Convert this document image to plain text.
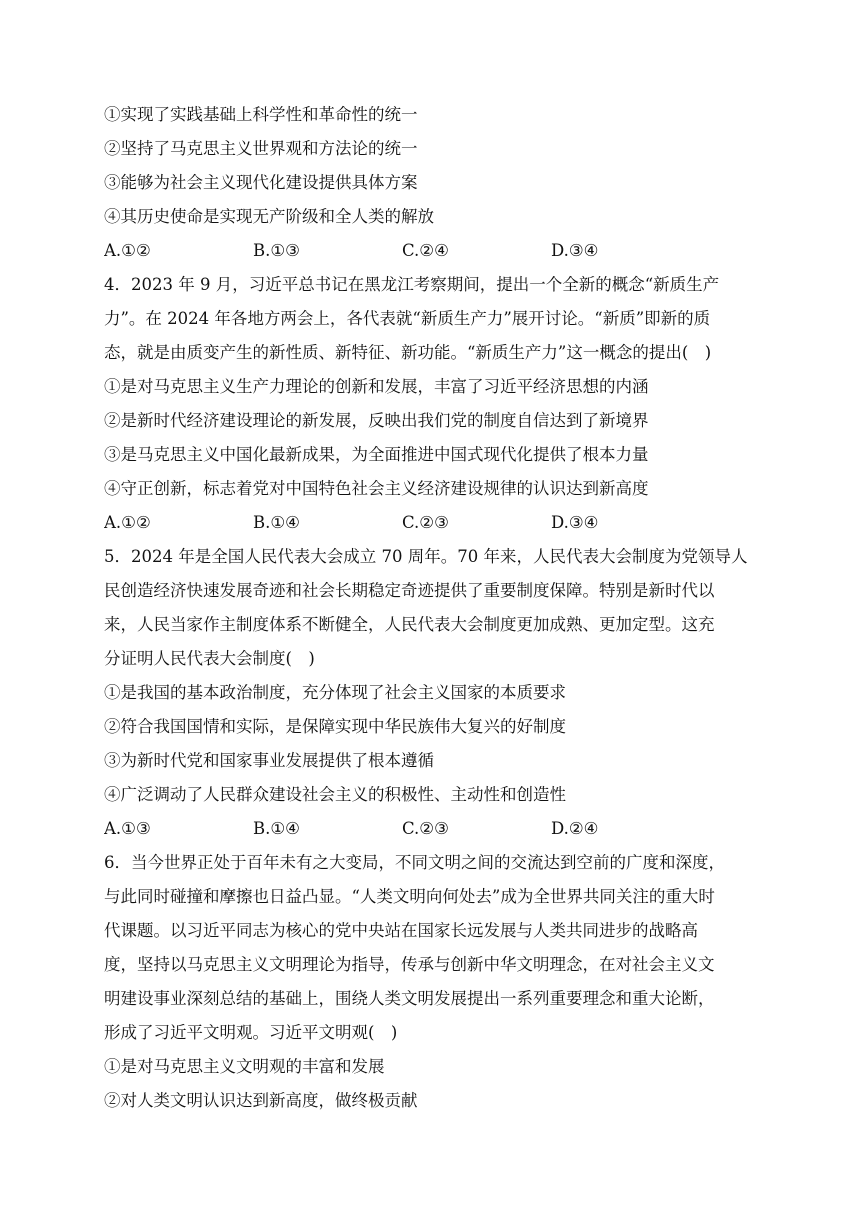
①实现了实践基础上科学性和革命性的统一
②坚持了马克思主义世界观和方法论的统一
③能够为社会主义现代化建设提供具体方案
④其历史使命是实现无产阶级和全人类的解放
A.①②	B.①③	C.②④	D.③④
4．2023 年 9 月，习近平总书记在黑龙江考察期间，提出一个全新的概念“新质生产
力”。在 2024 年各地方两会上，各代表就“新质生产力”展开讨论。“新质”即新的质
态，就是由质变产生的新性质、新特征、新功能。“新质生产力”这一概念的提出(　)
①是对马克思主义生产力理论的创新和发展，丰富了习近平经济思想的内涵
②是新时代经济建设理论的新发展，反映出我们党的制度自信达到了新境界
③是马克思主义中国化最新成果，为全面推进中国式现代化提供了根本力量
④守正创新，标志着党对中国特色社会主义经济建设规律的认识达到新高度
A.①②	B.①④	C.②③	D.③④
5．2024 年是全国人民代表大会成立 70 周年。70 年来，人民代表大会制度为党领导人
民创造经济快速发展奇迹和社会长期稳定奇迹提供了重要制度保障。特别是新时代以
来，人民当家作主制度体系不断健全，人民代表大会制度更加成熟、更加定型。这充
分证明人民代表大会制度(　)
①是我国的基本政治制度，充分体现了社会主义国家的本质要求
②符合我国国情和实际，是保障实现中华民族伟大复兴的好制度
③为新时代党和国家事业发展提供了根本遵循
④广泛调动了人民群众建设社会主义的积极性、主动性和创造性
A.①③	B.①④	C.②③	D.②④
6．当今世界正处于百年未有之大变局，不同文明之间的交流达到空前的广度和深度，
与此同时碰撞和摩擦也日益凸显。“人类文明向何处去”成为全世界共同关注的重大时
代课题。以习近平同志为核心的党中央站在国家长远发展与人类共同进步的战略高
度，坚持以马克思主义文明理论为指导，传承与创新中华文明理念，在对社会主义文
明建设事业深刻总结的基础上，围绕人类文明发展提出一系列重要理念和重大论断，
形成了习近平文明观。习近平文明观(　)
①是对马克思主义文明观的丰富和发展
②对人类文明认识达到新高度，做终极贡献
